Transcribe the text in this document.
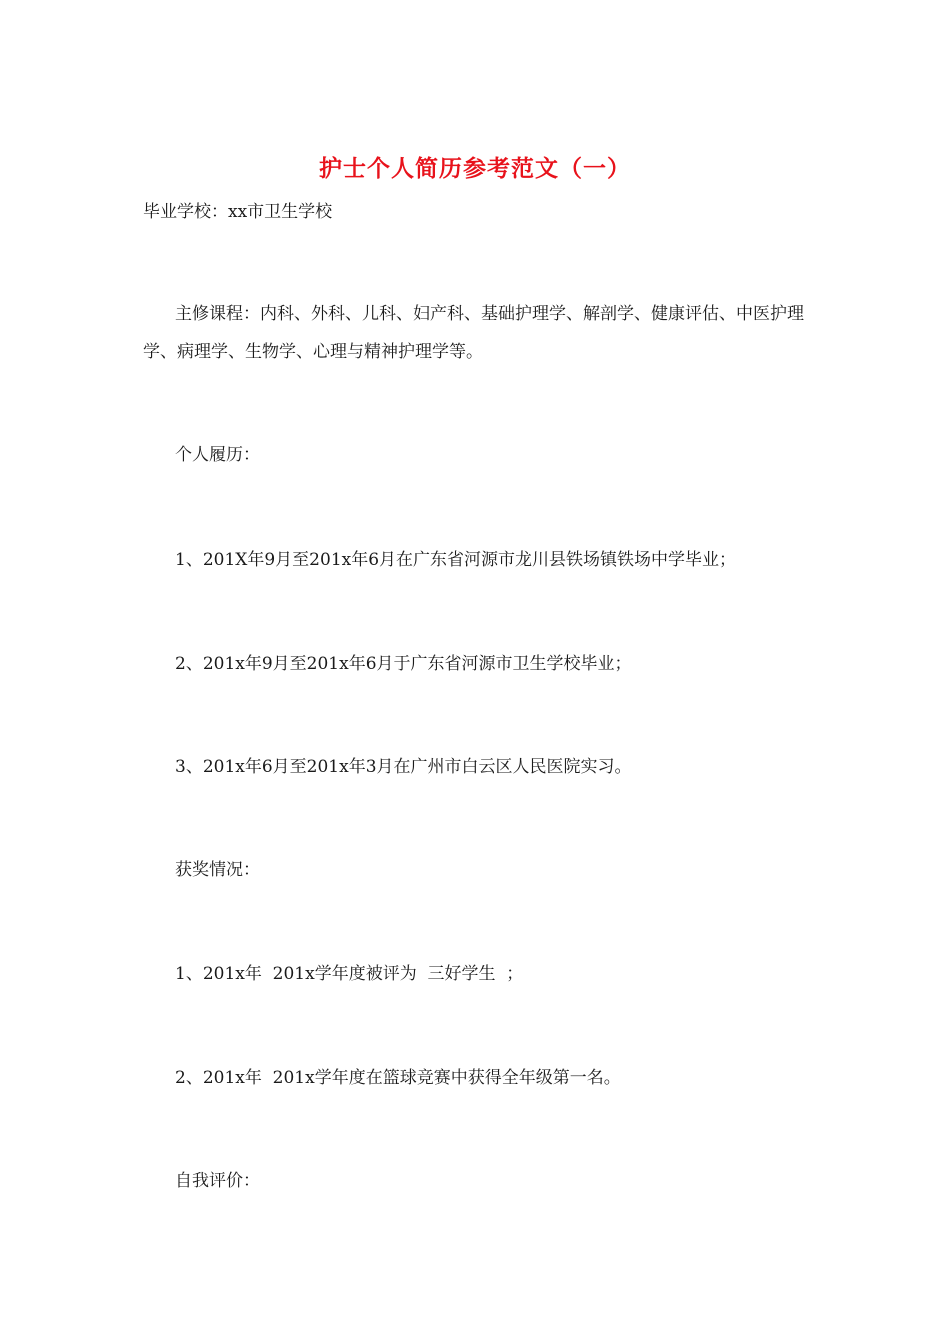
护士个人简历参考范文（一）

毕业学校：xx市卫生学校

主修课程：内科、外科、儿科、妇产科、基础护理学、解剖学、健康评估、中医护理学、病理学、生物学、心理与精神护理学等。

个人履历：

1、201X年9月至201x年6月在广东省河源市龙川县铁场镇铁场中学毕业；

2、201x年9月至201x年6月于广东省河源市卫生学校毕业；

3、201x年6月至201x年3月在广州市白云区人民医院实习。

获奖情况：

1、201x年  201x学年度被评为  三好学生  ；

2、201x年  201x学年度在篮球竞赛中获得全年级第一名。

自我评价：
